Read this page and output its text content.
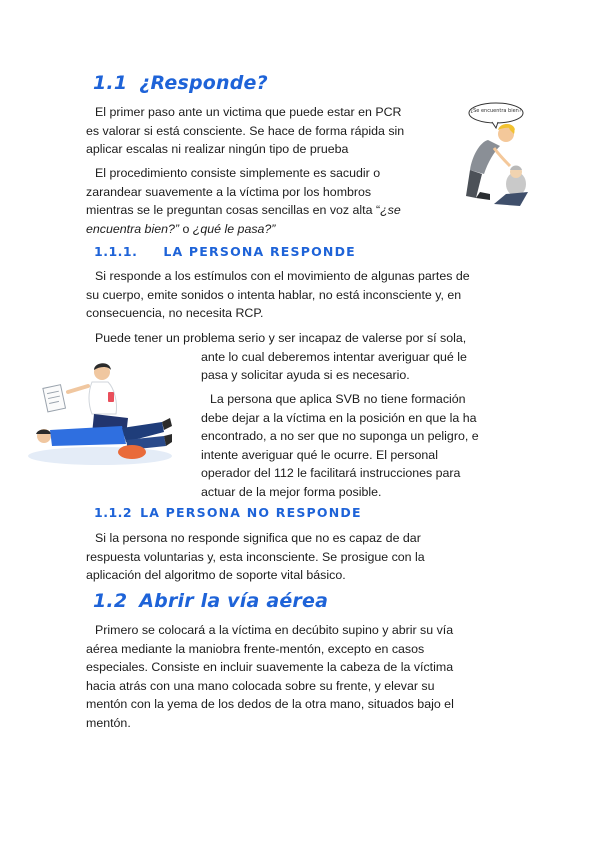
1.1 ¿Responde?
El primer paso ante un victima que puede estar en PCR
es valorar si está consciente. Se hace de forma rápida sin
aplicar escalas ni realizar ningún tipo de prueba
El procedimiento consiste simplemente es sacudir o
zarandear suavemente a la víctima por los hombros
mientras se le preguntan cosas sencillas en voz alta “¿se
encuentra bien?” o ¿qué le pasa?”
¿Se encuentra bien?
1.1.1. LA PERSONA RESPONDE
Si responde a los estímulos con el movimiento de algunas partes de
su cuerpo, emite sonidos o intenta hablar, no está inconsciente y, en
consecuencia, no necesita RCP.
Puede tener un problema serio y ser incapaz de valerse por sí sola,
ante lo cual deberemos intentar averiguar qué le
pasa y solicitar ayuda si es necesario.
La persona que aplica SVB no tiene formación
debe dejar a la víctima en la posición en que la ha
encontrado, a no ser que no suponga un peligro, e
intente averiguar qué le ocurre. El personal
operador del 112 le facilitará instrucciones para
actuar de la mejor forma posible.
1.1.2 LA PERSONA NO RESPONDE
Si la persona no responde significa que no es capaz de dar
respuesta voluntarias y, esta inconsciente. Se prosigue con la
aplicación del algoritmo de soporte vital básico.
1.2 Abrir la vía aérea
Primero se colocará a la víctima en decúbito supino y abrir su vía
aérea mediante la maniobra frente-mentón, excepto en casos
especiales. Consiste en incluir suavemente la cabeza de la víctima
hacia atrás con una mano colocada sobre su frente, y elevar su
mentón con la yema de los dedos de la otra mano, situados bajo el
mentón.
